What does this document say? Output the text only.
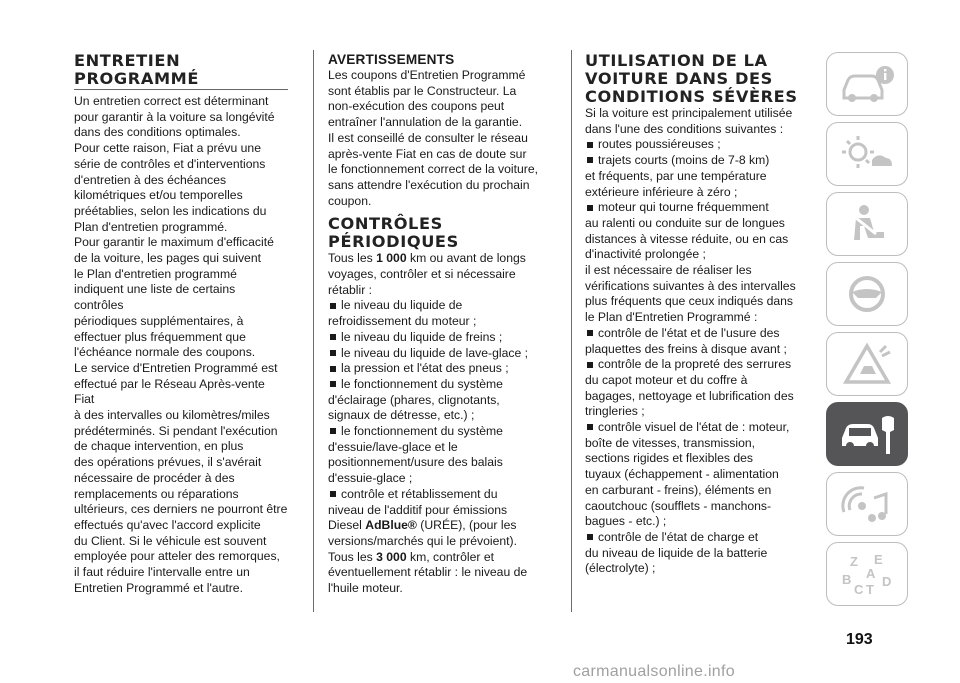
ENTRETIEN
PROGRAMMÉ

Un entretien correct est déterminant
pour garantir à la voiture sa longévité
dans des conditions optimales.

Pour cette raison, Fiat a prévu une
série de contrôles et d'interventions
d'entretien à des échéances
kilométriques et/ou temporelles
préétablies, selon les indications du
Plan d'entretien programmé.

Pour garantir le maximum d'efficacité
de la voiture, les pages qui suivent
le Plan d'entretien programmé
indiquent une liste de certains contrôles
périodiques supplémentaires, à
effectuer plus fréquemment que
l'échéance normale des coupons.

Le service d'Entretien Programmé est
effectué par le Réseau Après-vente Fiat
à des intervalles ou kilomètres/miles
prédéterminés. Si pendant l'exécution
de chaque intervention, en plus
des opérations prévues, il s'avérait
nécessaire de procéder à des
remplacements ou réparations
ultérieurs, ces derniers ne pourront être
effectués qu'avec l'accord explicite
du Client. Si le véhicule est souvent
employée pour atteler des remorques,
il faut réduire l'intervalle entre un
Entretien Programmé et l'autre.

AVERTISSEMENTS

Les coupons d'Entretien Programmé
sont établis par le Constructeur. La
non-exécution des coupons peut
entraîner l'annulation de la garantie.

Il est conseillé de consulter le réseau
après-vente Fiat en cas de doute sur
le fonctionnement correct de la voiture,
sans attendre l'exécution du prochain
coupon.

CONTRÔLES
PÉRIODIQUES

Tous les 1 000 km ou avant de longs

voyages, contrôler et si nécessaire
rétablir :

le niveau du liquide de
refroidissement du moteur ;
le niveau du liquide de freins ;
le niveau du liquide de lave-glace ;
la pression et l'état des pneus ;
le fonctionnement du système
d'éclairage (phares, clignotants,
signaux de détresse, etc.) ;
le fonctionnement du système
d'essuie/lave-glace et le
positionnement/usure des balais
d'essuie-glace ;
contrôle et rétablissement du
niveau de l'additif pour émissions
Diesel AdBlue® (URÉE), (pour les
versions/marchés qui le prévoient).

Tous les 3 000 km, contrôler et

éventuellement rétablir : le niveau de
l'huile moteur.

UTILISATION DE LA
VOITURE DANS DES
CONDITIONS SÉVÈRES

Si la voiture est principalement utilisée
dans l'une des conditions suivantes :

routes poussiéreuses ;
trajets courts (moins de 7-8 km)
et fréquents, par une température
extérieure inférieure à zéro ;
moteur qui tourne fréquemment
au ralenti ou conduite sur de longues
distances à vitesse réduite, ou en cas
d'inactivité prolongée ;

il est nécessaire de réaliser les
vérifications suivantes à des intervalles
plus fréquents que ceux indiqués dans
le Plan d'Entretien Programmé :

contrôle de l'état et de l'usure des
plaquettes des freins à disque avant ;
contrôle de la propreté des serrures
du capot moteur et du coffre à
bagages, nettoyage et lubrification des
tringleries ;
contrôle visuel de l'état de : moteur,
boîte de vitesses, transmission,
sections rigides et flexibles des
tuyaux (échappement - alimentation
en carburant - freins), éléments en
caoutchouc (soufflets - manchons-
bagues - etc.) ;
contrôle de l'état de charge et
du niveau de liquide de la batterie
(électrolyte) ;	Z E
A
B
C T
D
193
carmanualsonline.info
